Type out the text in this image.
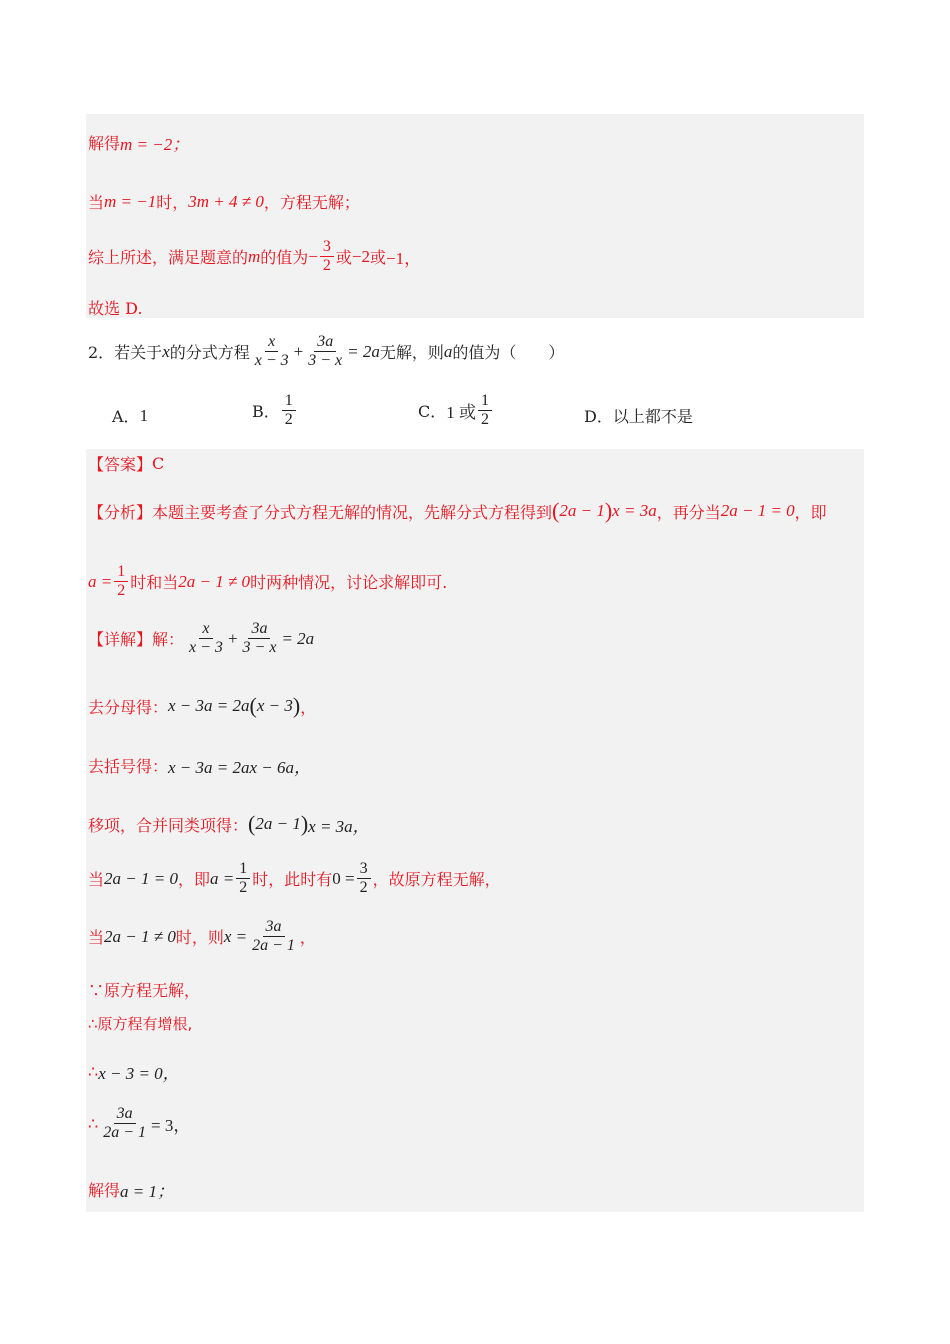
解得 m = −2；
当 m = −1 时， 3m + 4 ≠ 0 ，方程无解；
综上所述，满足题意的 m 的值为 − $\frac{3}{2}$ 或 −2 或 −1，
故选 D.
2．若关于 x 的分式方程 $\frac{x}{x - 3} + \frac{3a}{3 - x} = 2a$ 无解，则 a 的值为（　　）
A． 1	B． $\frac{1}{2}$	C． 1 或 $\frac{1}{2}$	D． 以上都不是
【答案】 C
【分析】 本题主要考查了分式方程无解的情况，先解分式方程得到 ( 2a − 1 ) x = 3a ，再分当 2a − 1 = 0 ，即
$a = \frac{1}{2}$ 时和当 2a − 1 ≠ 0 时两种情况，讨论求解即可.
【详解】 解： $\frac{x}{x - 3} + \frac{3a}{3 - x} = 2a$
去分母得： x − 3a = 2a ( x − 3 ) ，
去括号得： x − 3a = 2ax − 6a，
移项，合并同类项得： ( 2a − 1 ) x = 3a，
当 2a − 1 = 0 ，即 $a = \frac{1}{2}$ 时，此时有 $0 = \frac{3}{2}$ ，故原方程无解，
当 2a − 1 ≠ 0 时，则 $x = \frac{3a}{2a - 1}$ ，
∵原方程无解，
∴原方程有增根,
∴ x − 3 = 0，
∴ $\frac{3a}{2a - 1} = 3$，
解得 a = 1；
